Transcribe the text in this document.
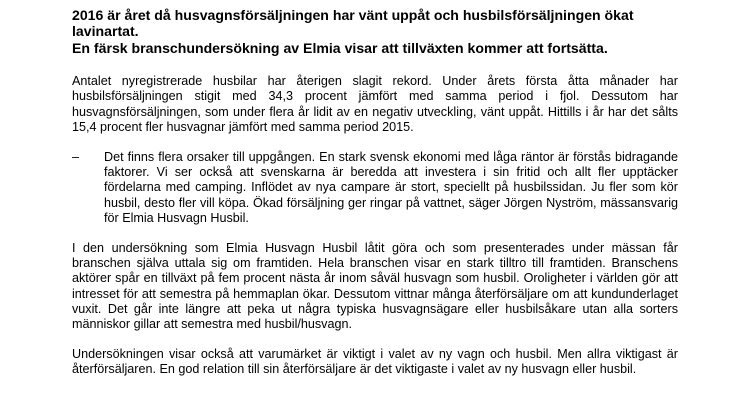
2016 är året då husvagnsförsäljningen har vänt uppåt och husbilsförsäljningen ökat lavinartat.
En färsk branschundersökning av Elmia visar att tillväxten kommer att fortsätta.

Antalet nyregistrerade husbilar har återigen slagit rekord. Under årets första åtta månader har husbilsförsäljningen stigit med 34,3 procent jämfört med samma period i fjol. Dessutom har husvagnsförsäljningen, som under flera år lidit av en negativ utveckling, vänt uppåt. Hittills i år har det sålts 15,4 procent fler husvagnar jämfört med samma period 2015.

– Det finns flera orsaker till uppgången. En stark svensk ekonomi med låga räntor är förstås bidragande faktorer. Vi ser också att svenskarna är beredda att investera i sin fritid och allt fler upptäcker fördelarna med camping. Inflödet av nya campare är stort, speciellt på husbilssidan. Ju fler som kör husbil, desto fler vill köpa. Ökad försäljning ger ringar på vattnet, säger Jörgen Nyström, mässansvarig för Elmia Husvagn Husbil.

I den undersökning som Elmia Husvagn Husbil låtit göra och som presenterades under mässan får branschen själva uttala sig om framtiden. Hela branschen visar en stark tilltro till framtiden. Branschens aktörer spår en tillväxt på fem procent nästa år inom såväl husvagn som husbil. Oroligheter i världen gör att intresset för att semestra på hemmaplan ökar. Dessutom vittnar många återförsäljare om att kundunderlaget vuxit. Det går inte längre att peka ut några typiska husvagnsägare eller husbilsåkare utan alla sorters människor gillar att semestra med husbil/husvagn.

Undersökningen visar också att varumärket är viktigt i valet av ny vagn och husbil. Men allra viktigast är återförsäljaren. En god relation till sin återförsäljare är det viktigaste i valet av ny husvagn eller husbil.
